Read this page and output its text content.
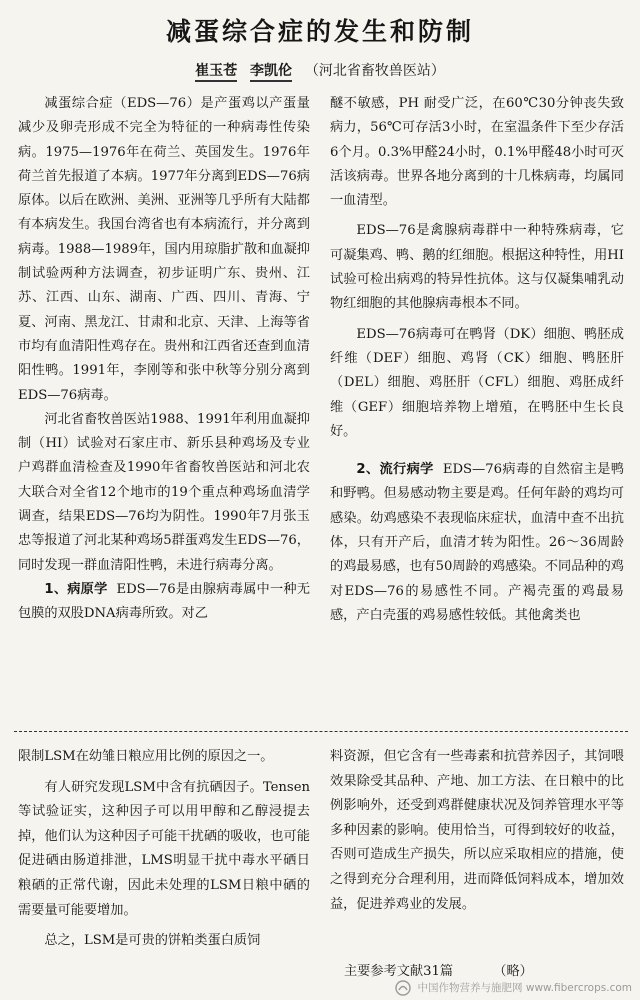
减蛋综合症的发生和防制
崔玉苍 李凯伦 （河北省畜牧兽医站）

减蛋综合症（EDS—76）是产蛋鸡以产蛋量减少及卵壳形成不完全为特征的一种病毒性传染病。1975—1976年在荷兰、英国发生。1976年荷兰首先报道了本病。1977年分离到EDS—76病原体。以后在欧洲、美洲、亚洲等几乎所有大陆都有本病发生。我国台湾省也有本病流行，并分离到病毒。1988—1989年，国内用琼脂扩散和血凝抑制试验两种方法调查，初步证明广东、贵州、江苏、江西、山东、湖南、广西、四川、青海、宁夏、河南、黑龙江、甘肃和北京、天津、上海等省市均有血清阳性鸡存在。贵州和江西省还查到血清阳性鸭。1991年，李刚等和张中秋等分别分离到EDS—76病毒。

河北省畜牧兽医站1988、1991年利用血凝抑制（HI）试验对石家庄市、新乐县种鸡场及专业户鸡群血清检查及1990年省畜牧兽医站和河北农大联合对全省12个地市的19个重点种鸡场血清学调查，结果EDS—76均为阴性。1990年7月张玉忠等报道了河北某种鸡场5群蛋鸡发生EDS—76，同时发现一群血清阳性鸭，未进行病毒分离。

1、病原学 EDS—76是由腺病毒属中一种无包膜的双股DNA病毒所致。对乙

醚不敏感，PH 耐受广泛，在60℃30分钟丧失致病力，56℃可存活3小时，在室温条件下至少存活6个月。0.3%甲醛24小时，0.1%甲醛48小时可灭活该病毒。世界各地分离到的十几株病毒，均属同一血清型。

EDS—76是禽腺病毒群中一种特殊病毒，它可凝集鸡、鸭、鹅的红细胞。根据这种特性，用HI试验可检出病鸡的特异性抗体。这与仅凝集哺乳动物红细胞的其他腺病毒根本不同。

EDS—76病毒可在鸭肾（DK）细胞、鸭胚成纤维（DEF）细胞、鸡肾（CK）细胞、鸭胚肝（DEL）细胞、鸡胚肝（CFL）细胞、鸡胚成纤维（GEF）细胞培养物上增殖，在鸭胚中生长良好。

2、流行病学 EDS—76病毒的自然宿主是鸭和野鸭。但易感动物主要是鸡。任何年龄的鸡均可感染。幼鸡感染不表现临床症状，血清中查不出抗体，只有开产后，血清才转为阳性。26～36周龄的鸡最易感，也有50周龄的鸡感染。不同品种的鸡对EDS—76的易感性不同。产褐壳蛋的鸡最易感，产白壳蛋的鸡易感性较低。其他禽类也

限制LSM在幼雏日粮应用比例的原因之一。

有人研究发现LSM中含有抗硒因子。Tensen等试验证实，这种因子可以用甲醇和乙醇浸提去掉，他们认为这种因子可能干扰硒的吸收，也可能促进硒由肠道排泄，LMS明显干扰中毒水平硒日粮硒的正常代谢，因此未处理的LSM日粮中硒的需要量可能要增加。

总之，LSM是可贵的饼粕类蛋白质饲

料资源，但它含有一些毒素和抗营养因子，其饲喂效果除受其品种、产地、加工方法、在日粮中的比例影响外，还受到鸡群健康状况及饲养管理水平等多种因素的影响。使用恰当，可得到较好的收益，否则可造成生产损失，所以应采取相应的措施，使之得到充分合理利用，进而降低饲料成本，增加效益，促进养鸡业的发展。

主要参考文献31篇	（略）
中国作物营养与施肥网 www.fibercrops.com
